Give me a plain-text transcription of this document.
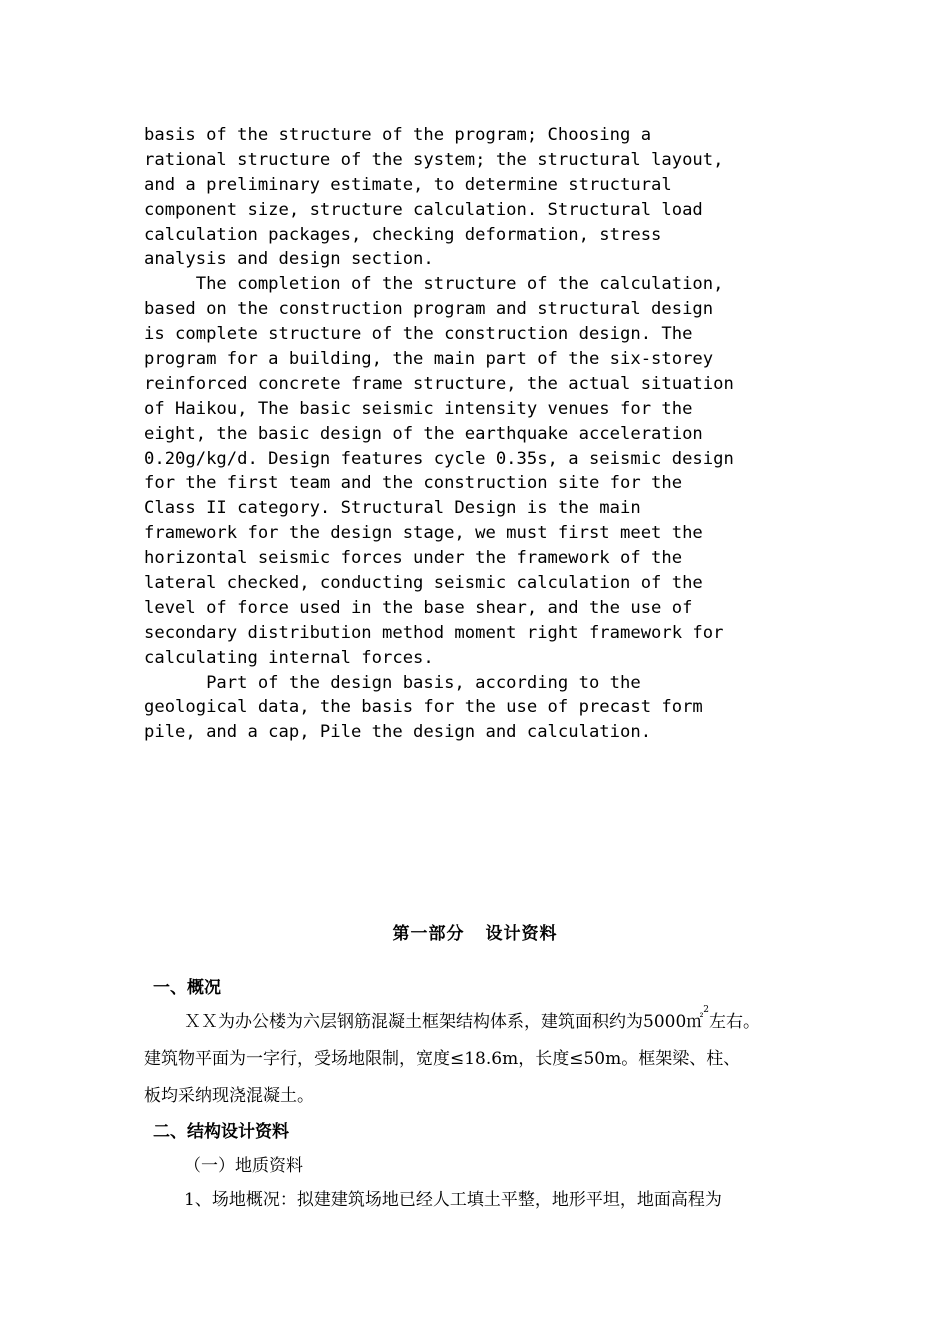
basis of the structure of the program; Choosing a
rational structure of the system; the structural layout,
and a preliminary estimate, to determine structural
component size, structure calculation. Structural load
calculation packages, checking deformation, stress
analysis and design section.
The completion of the structure of the calculation,
based on the construction program and structural design
is complete structure of the construction design. The
program for a building, the main part of the six-storey
reinforced concrete frame structure, the actual situation
of Haikou, The basic seismic intensity venues for the
eight, the basic design of the earthquake acceleration
0.20g/kg/d. Design features cycle 0.35s, a seismic design
for the first team and the construction site for the
Class II category. Structural Design is the main
framework for the design stage, we must first meet the
horizontal seismic forces under the framework of the
lateral checked, conducting seismic calculation of the
level of force used in the base shear, and the use of
secondary distribution method moment right framework for
calculating internal forces.
Part of the design basis, according to the
geological data, the basis for the use of precast form
pile, and a cap, Pile the design and calculation.
第一部分 设计资料
一、概况
ＸＸ为办公楼为六层钢筋混凝土框架结构体系，建筑面积约为5000㎡$^2$左右。
建筑物平面为一字行，受场地限制，宽度≤18.6m，长度≤50m。框架梁、柱、
板均采纳现浇混凝土。
二、结构设计资料
（一）地质资料
1、场地概况：拟建建筑场地已经人工填土平整，地形平坦，地面高程为
